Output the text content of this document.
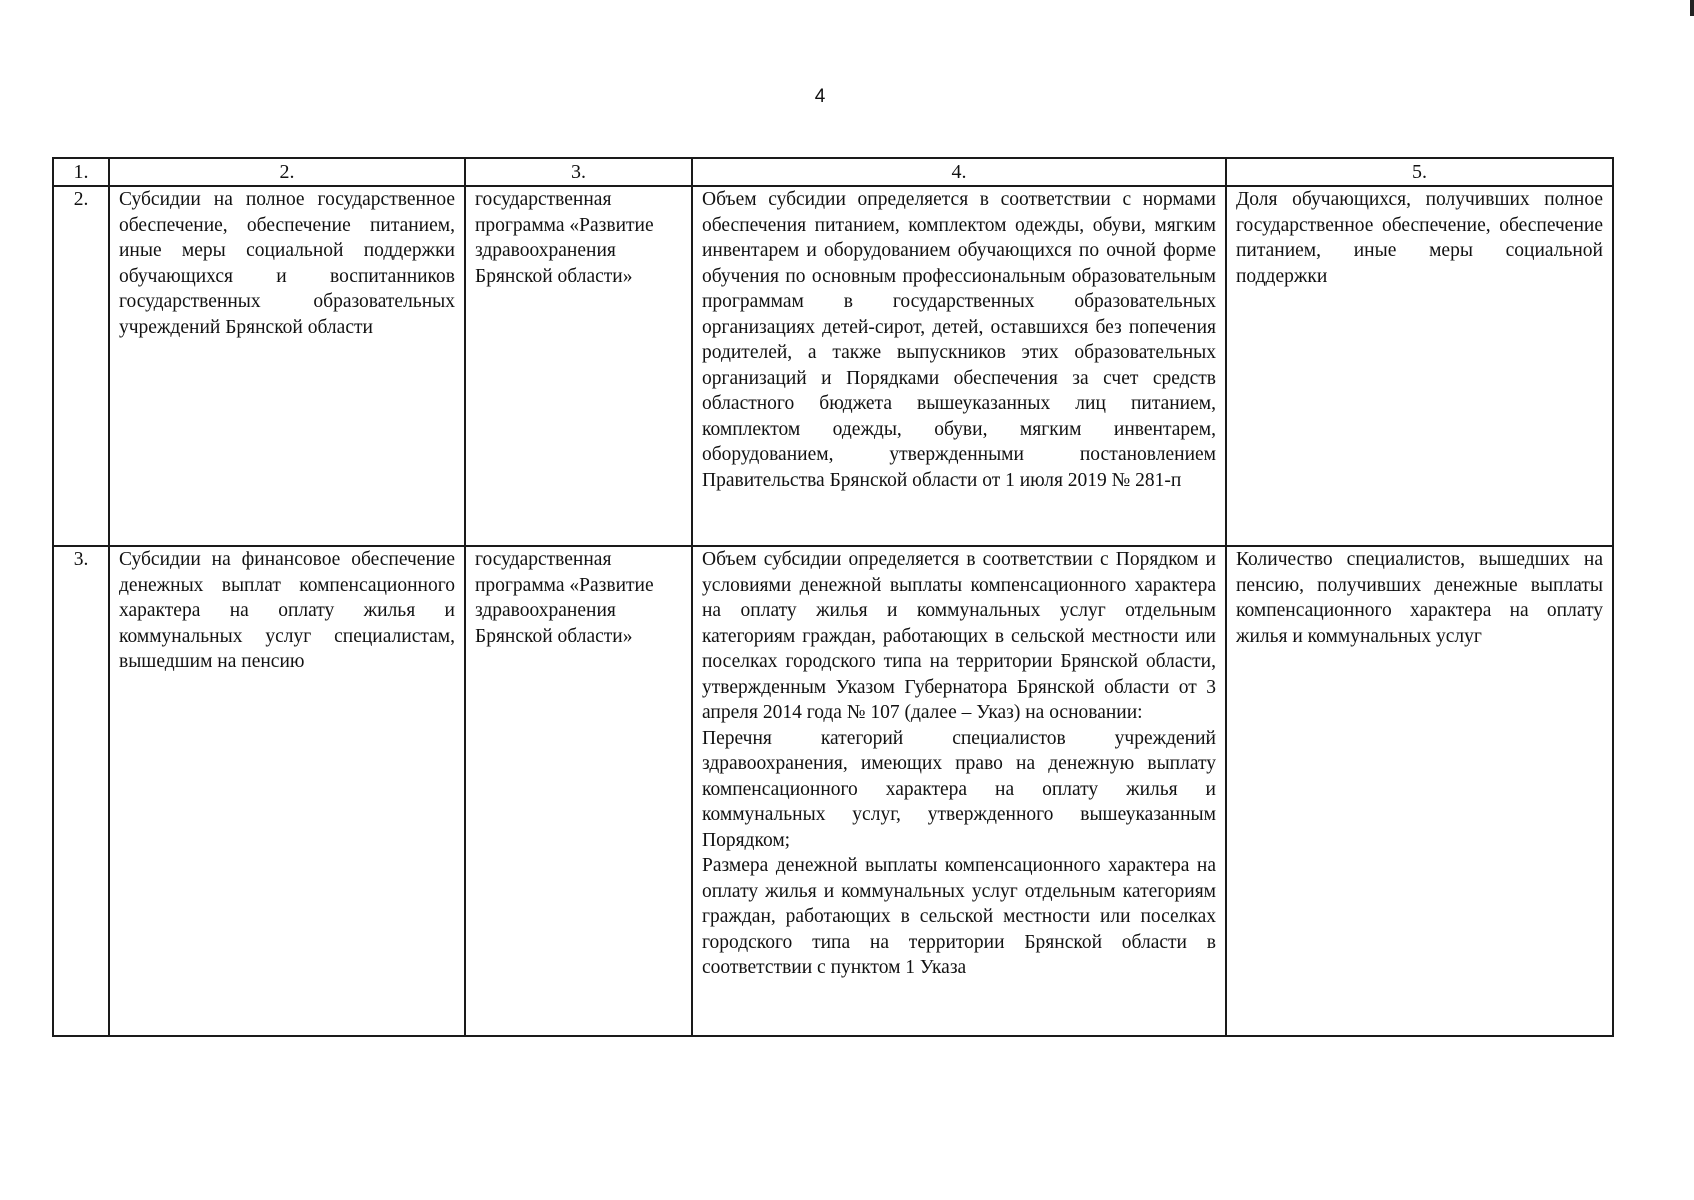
4
1.	2.	3.	4.	5.
2.	Субсидии на полное государственное обеспечение, обеспечение питанием, иные меры социальной поддержки обучающихся и воспитанников государственных образовательных учреждений Брянской области	государственная программа «Развитие здравоохранения Брянской области»	Объем субсидии определяется в соответствии с нормами обеспечения питанием, комплектом одежды, обуви, мягким инвентарем и оборудованием обучающихся по очной форме обучения по основным профессиональным образовательным программам в государственных образовательных организациях детей-сирот, детей, оставшихся без попечения родителей, а также выпускников этих образовательных организаций и Порядками обеспечения за счет средств областного бюджета вышеуказанных лиц питанием, комплектом одежды, обуви, мягким инвентарем, оборудованием, утвержденными постановлением Правительства Брянской области от 1 июля 2019 № 281-п	Доля обучающихся, получивших полное государственное обеспечение, обеспечение питанием, иные меры социальной поддержки
3.	Субсидии на финансовое обеспечение денежных выплат компенсационного характера на оплату жилья и коммунальных услуг специалистам, вышедшим на пенсию	государственная программа «Развитие здравоохранения Брянской области»	Объем субсидии определяется в соответствии с Порядком и условиями денежной выплаты компенсационного характера на оплату жилья и коммунальных услуг отдельным категориям граждан, работающих в сельской местности или поселках городского типа на территории Брянской области, утвержденным Указом Губернатора Брянской области от 3 апреля 2014 года № 107 (далее – Указ) на основании:
Перечня категорий специалистов учреждений здравоохранения, имеющих право на денежную выплату компенсационного характера на оплату жилья и коммунальных услуг, утвержденного вышеуказанным Порядком;
Размера денежной выплаты компенсационного характера на оплату жилья и коммунальных услуг отдельным категориям граждан, работающих в сельской местности или поселках городского типа на территории Брянской области в соответствии с пунктом 1 Указа	Количество специалистов, вышедших на пенсию, получивших денежные выплаты компенсационного характера на оплату жилья и коммунальных услуг
